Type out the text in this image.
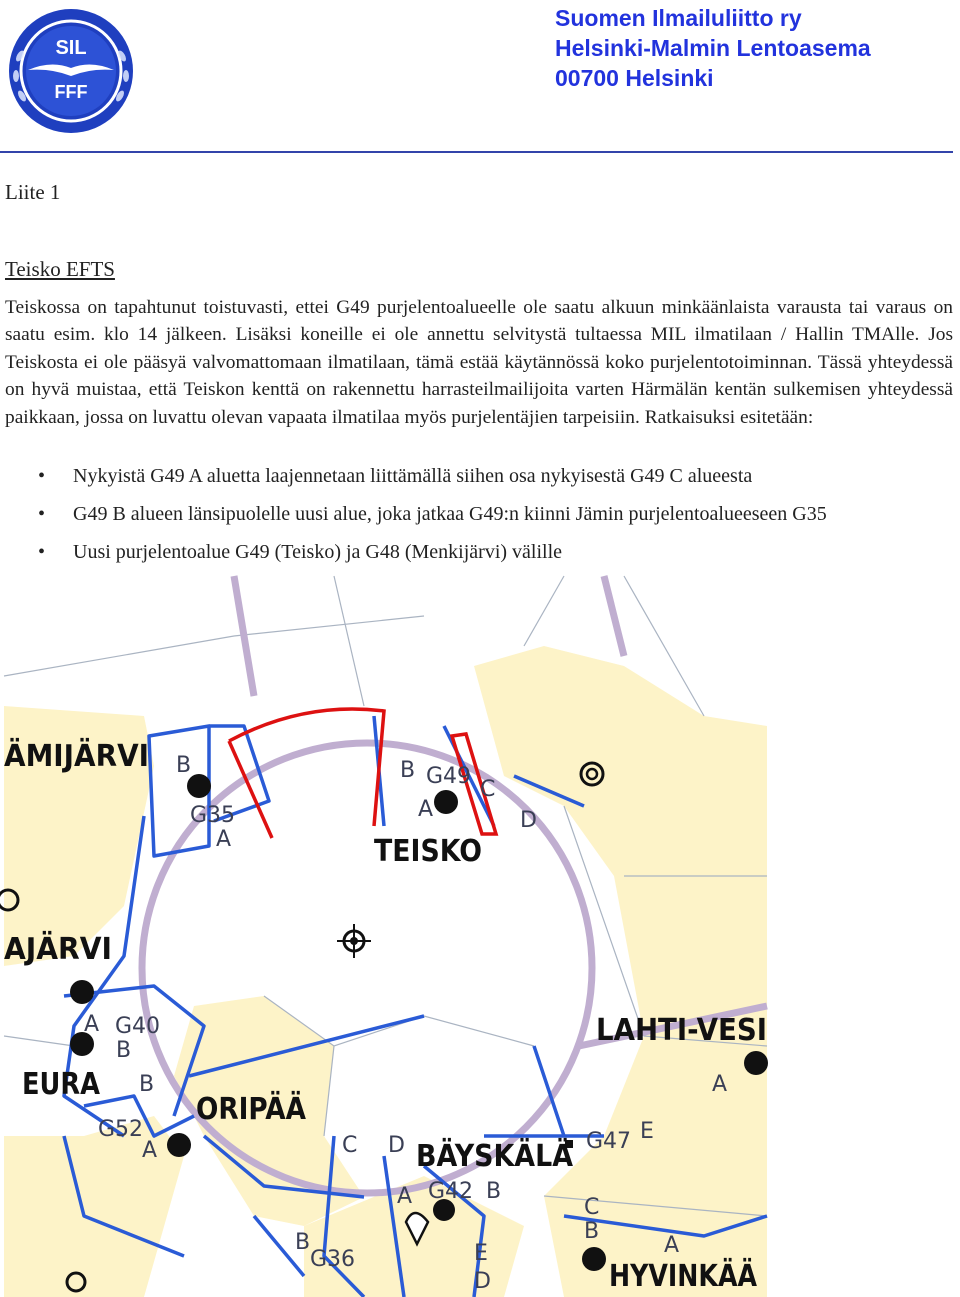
SIL
FFF
Suomen Ilmailuliitto ry
Helsinki-Malmin Lentoasema
00700 Helsinki
Liite 1
Teisko EFTS
Teiskossa on tapahtunut toistuvasti, ettei G49 purjelentoalueelle ole saatu alkuun minkäänlaista varausta tai varaus on saatu esim. klo 14 jälkeen. Lisäksi koneille ei ole annettu selvitystä tultaessa MIL ilmatilaan / Hallin TMAlle. Jos Teiskosta ei ole pääsyä valvomattomaan ilmatilaan, tämä estää käytännössä koko purjelentotoiminnan. Tässä yhteydessä on hyvä muistaa, että Teiskon kenttä on rakennettu harrasteilmailijoita varten Härmälän kentän sulkemisen yhteydessä paikkaan, jossa on luvattu olevan vapaata ilmatilaa myös purjelentäjien tarpeisiin. Ratkaisuksi esitetään:
• Nykyistä G49 A aluetta laajennetaan liittämällä siihen osa nykyisestä G49 C alueesta
• G49 B alueen länsipuolelle uusi alue, joka jatkaa G49:n kiinni Jämin purjelentoalueeseen G35
• Uusi purjelentoalue G49 (Teisko) ja G48 (Menkijärvi) välille
ÄMIJÄRVI
TEISKO
AJÄRVI
LAHTI-VESI
EURA
ORIPÄÄ
BÄYSKÄLÄ
HYVINKÄÄ
B
G35
A
B G49
A
C
D
A G40
B
B
G52
A	C D	G47 E
A
A G42 B
C
B
A
B
G36	E
D
